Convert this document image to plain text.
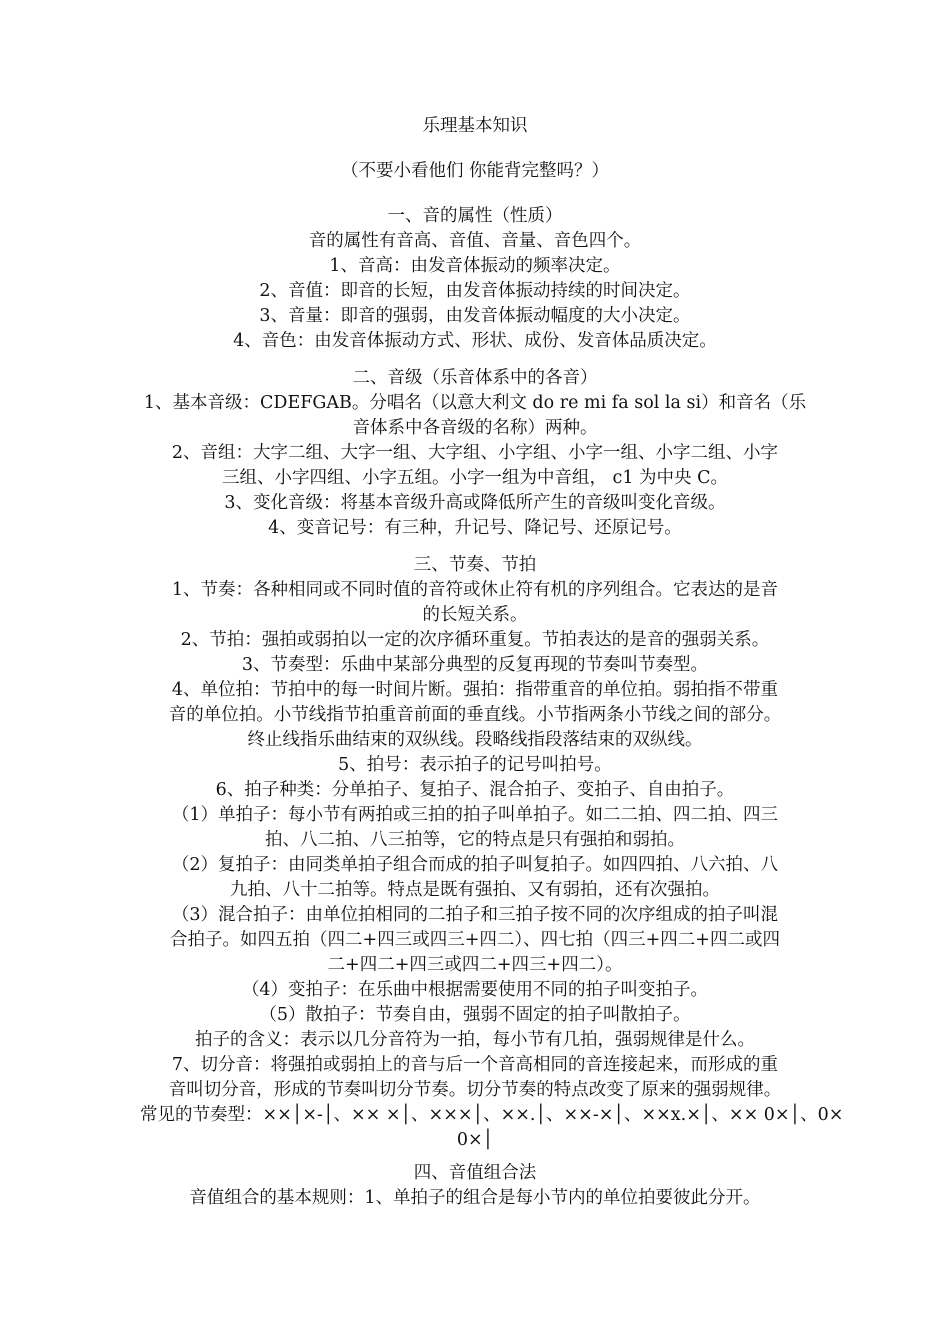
乐理基本知识
（不要小看他们 你能背完整吗？）
一、音的属性（性质）
音的属性有音高、音值、音量、音色四个。
1、音高：由发音体振动的频率决定。
2、音值：即音的长短，由发音体振动持续的时间决定。
3、音量：即音的强弱，由发音体振动幅度的大小决定。
4、音色：由发音体振动方式、形状、成份、发音体品质决定。
二、音级（乐音体系中的各音）
1、基本音级：CDEFGAB。分唱名（以意大利文 do re mi fa sol la si）和音名（乐
音体系中各音级的名称）两种。
2、音组：大字二组、大字一组、大字组、小字组、小字一组、小字二组、小字
三组、小字四组、小字五组。小字一组为中音组， c1 为中央 C。
3、变化音级：将基本音级升高或降低所产生的音级叫变化音级。
4、变音记号：有三种，升记号、降记号、还原记号。
三、节奏、节拍
1、节奏：各种相同或不同时值的音符或休止符有机的序列组合。它表达的是音
的长短关系。
2、节拍：强拍或弱拍以一定的次序循环重复。节拍表达的是音的强弱关系。
3、节奏型：乐曲中某部分典型的反复再现的节奏叫节奏型。
4、单位拍：节拍中的每一时间片断。强拍：指带重音的单位拍。弱拍指不带重
音的单位拍。小节线指节拍重音前面的垂直线。小节指两条小节线之间的部分。
终止线指乐曲结束的双纵线。段略线指段落结束的双纵线。
5、拍号：表示拍子的记号叫拍号。
6、拍子种类：分单拍子、复拍子、混合拍子、变拍子、自由拍子。
（1）单拍子：每小节有两拍或三拍的拍子叫单拍子。如二二拍、四二拍、四三
拍、八二拍、八三拍等，它的特点是只有强拍和弱拍。
（2）复拍子：由同类单拍子组合而成的拍子叫复拍子。如四四拍、八六拍、八
九拍、八十二拍等。特点是既有强拍、又有弱拍，还有次强拍。
（3）混合拍子：由单位拍相同的二拍子和三拍子按不同的次序组成的拍子叫混
合拍子。如四五拍（四二+四三或四三+四二）、四七拍（四三+四二+四二或四
二+四二+四三或四二+四三+四二）。
（4）变拍子：在乐曲中根据需要使用不同的拍子叫变拍子。
（5）散拍子：节奏自由，强弱不固定的拍子叫散拍子。
拍子的含义：表示以几分音符为一拍，每小节有几拍，强弱规律是什么。
7、切分音：将强拍或弱拍上的音与后一个音高相同的音连接起来，而形成的重
音叫切分音，形成的节奏叫切分节奏。切分节奏的特点改变了原来的强弱规律。
常见的节奏型：××│×-│、×× ×│、×××│、××.│、××-×│、××ⅹ.×│、×× 0×│、0×
0×│
四、音值组合法
音值组合的基本规则：1、单拍子的组合是每小节内的单位拍要彼此分开。
